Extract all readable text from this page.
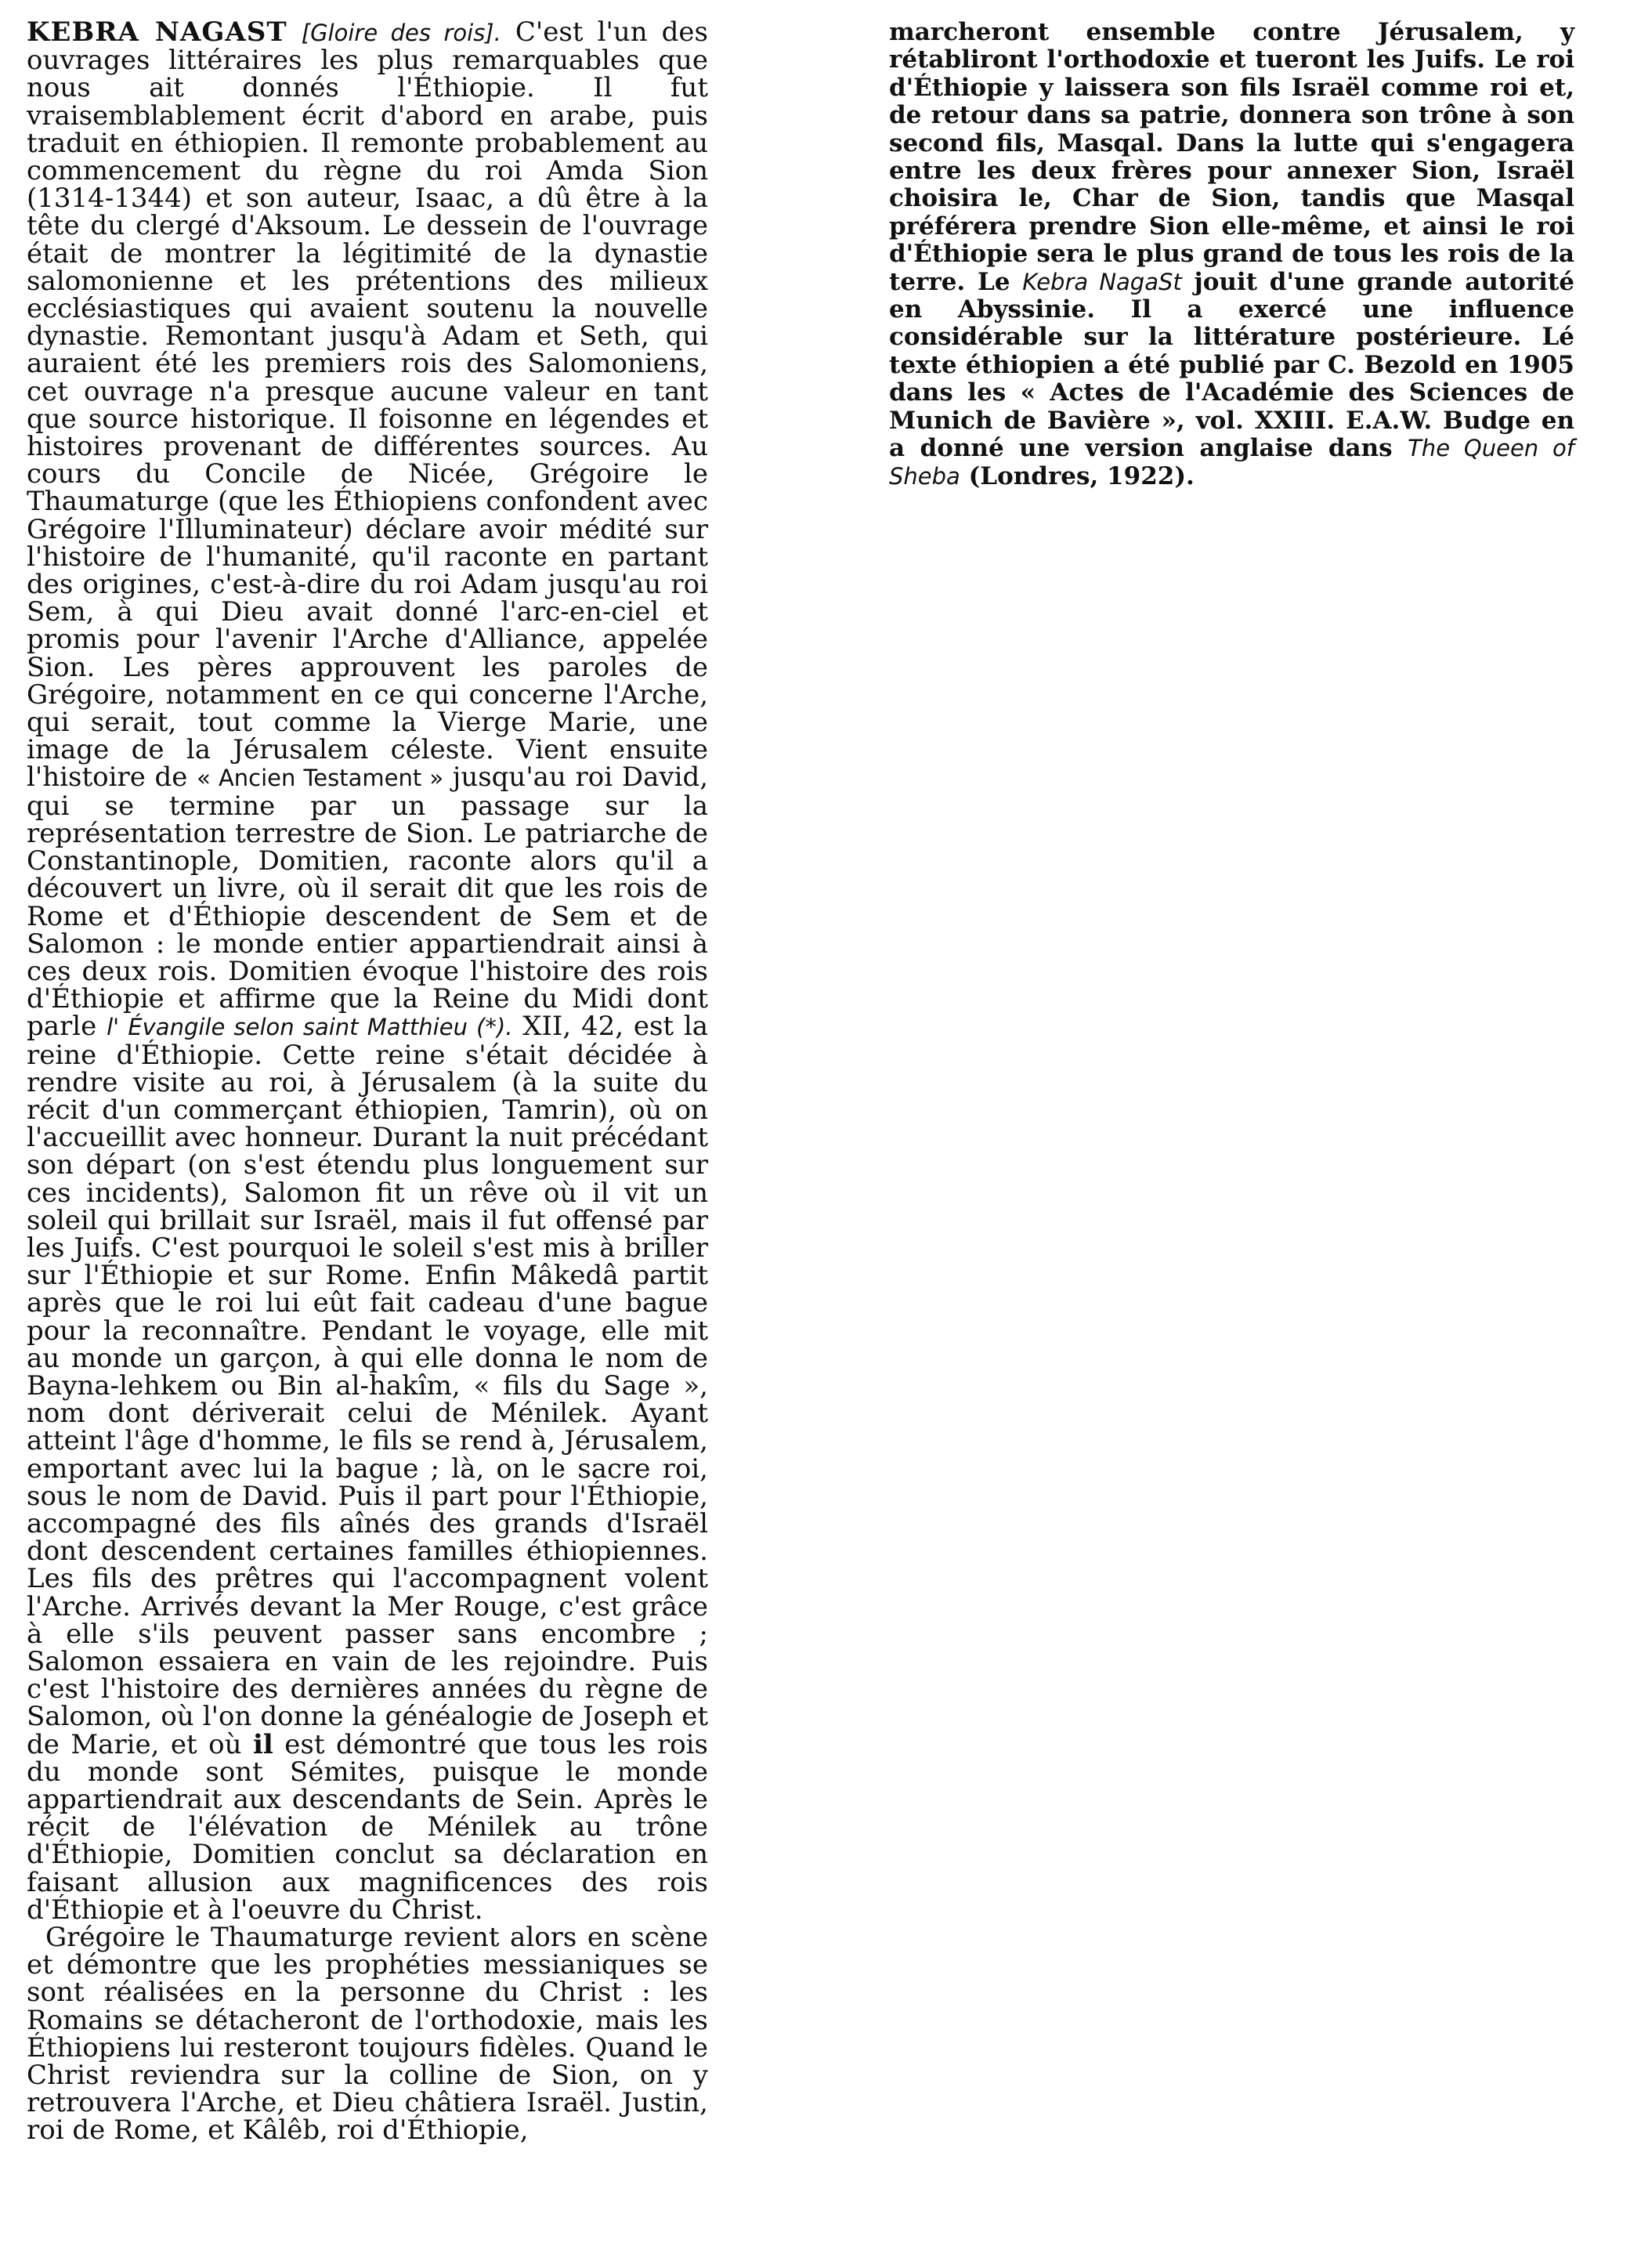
KEBRA NAGAST [Gloire des rois]. C'est l'un des ouvrages littéraires les plus remarquables que nous ait donnés l'Éthiopie. Il fut vraisemblablement écrit d'abord en arabe, puis traduit en éthiopien. Il remonte probablement au commencement du règne du roi Amda Sion (1314-1344) et son auteur, Isaac, a dû être à la tête du clergé d'Aksoum. Le dessein de l'ouvrage était de montrer la légitimité de la dynastie salomonienne et les prétentions des milieux ecclésiastiques qui avaient soutenu la nouvelle dynastie. Remontant jusqu'à Adam et Seth, qui auraient été les premiers rois des Salomoniens, cet ouvrage n'a presque aucune valeur en tant que source historique. Il foisonne en légendes et histoires provenant de différentes sources. Au cours du Concile de Nicée, Grégoire le Thaumaturge (que les Éthiopiens confondent avec Grégoire l'Illuminateur) déclare avoir médité sur l'histoire de l'humanité, qu'il raconte en partant des origines, c'est-à-dire du roi Adam jusqu'au roi Sem, à qui Dieu avait donné l'arc-en-ciel et promis pour l'avenir l'Arche d'Alliance, appelée Sion. Les pères approuvent les paroles de Grégoire, notamment en ce qui concerne l'Arche, qui serait, tout comme la Vierge Marie, une image de la Jérusalem céleste. Vient ensuite l'histoire de « Ancien Testament » jusqu'au roi David, qui se termine par un passage sur la représentation terrestre de Sion. Le patriarche de Constantinople, Domitien, raconte alors qu'il a découvert un livre, où il serait dit que les rois de Rome et d'Éthiopie descendent de Sem et de Salomon : le monde entier appartiendrait ainsi à ces deux rois. Domitien évoque l'histoire des rois d'Éthiopie et affirme que la Reine du Midi dont parle l' Évangile selon saint Matthieu (*). XII, 42, est la reine d'Éthiopie. Cette reine s'était décidée à rendre visite au roi, à Jérusalem (à la suite du récit d'un commerçant éthiopien, Tamrin), où on l'accueillit avec honneur. Durant la nuit précédant son départ (on s'est étendu plus longuement sur ces incidents), Salomon fit un rêve où il vit un soleil qui brillait sur Israël, mais il fut offensé par les Juifs. C'est pourquoi le soleil s'est mis à briller sur l'Éthiopie et sur Rome. Enfin Mâkedâ partit après que le roi lui eût fait cadeau d'une bague pour la reconnaître. Pendant le voyage, elle mit au monde un garçon, à qui elle donna le nom de Bayna-lehkem ou Bin al-hakîm, « fils du Sage », nom dont dériverait celui de Ménilek. Ayant atteint l'âge d'homme, le fils se rend à, Jérusalem, emportant avec lui la bague ; là, on le sacre roi, sous le nom de David. Puis il part pour l'Éthiopie, accompagné des fils aînés des grands d'Israël dont descendent certaines familles éthiopiennes. Les fils des prêtres qui l'accompagnent volent l'Arche. Arrivés devant la Mer Rouge, c'est grâce à elle s'ils peuvent passer sans encombre ; Salomon essaiera en vain de les rejoindre. Puis c'est l'histoire des dernières années du règne de Salomon, où l'on donne la généalogie de Joseph et de Marie, et où il est démontré que tous les rois du monde sont Sémites, puisque le monde appartiendrait aux descendants de Sein. Après le récit de l'élévation de Ménilek au trône d'Éthiopie, Domitien conclut sa déclaration en faisant allusion aux magnificences des rois d'Éthiopie et à l'oeuvre du Christ.

Grégoire le Thaumaturge revient alors en scène et démontre que les prophéties messianiques se sont réalisées en la personne du Christ : les Romains se détacheront de l'orthodoxie, mais les Éthiopiens lui resteront toujours fidèles. Quand le Christ reviendra sur la colline de Sion, on y retrouvera l'Arche, et Dieu châtiera Israël. Justin, roi de Rome, et Kâlêb, roi d'Éthiopie,

marcheront ensemble contre Jérusalem, y rétabliront l'orthodoxie et tueront les Juifs. Le roi d'Éthiopie y laissera son fils Israël comme roi et, de retour dans sa patrie, donnera son trône à son second fils, Masqal. Dans la lutte qui s'engagera entre les deux frères pour annexer Sion, Israël choisira le, Char de Sion, tandis que Masqal préférera prendre Sion elle-même, et ainsi le roi d'Éthiopie sera le plus grand de tous les rois de la terre. Le Kebra NagaSt jouit d'une grande autorité en Abyssinie. Il a exercé une influence considérable sur la littérature postérieure. Lé texte éthiopien a été publié par C. Bezold en 1905 dans les « Actes de l'Académie des Sciences de Munich de Bavière », vol. XXIII. E.A.W. Budge en a donné une version anglaise dans The Queen of Sheba (Londres, 1922).
